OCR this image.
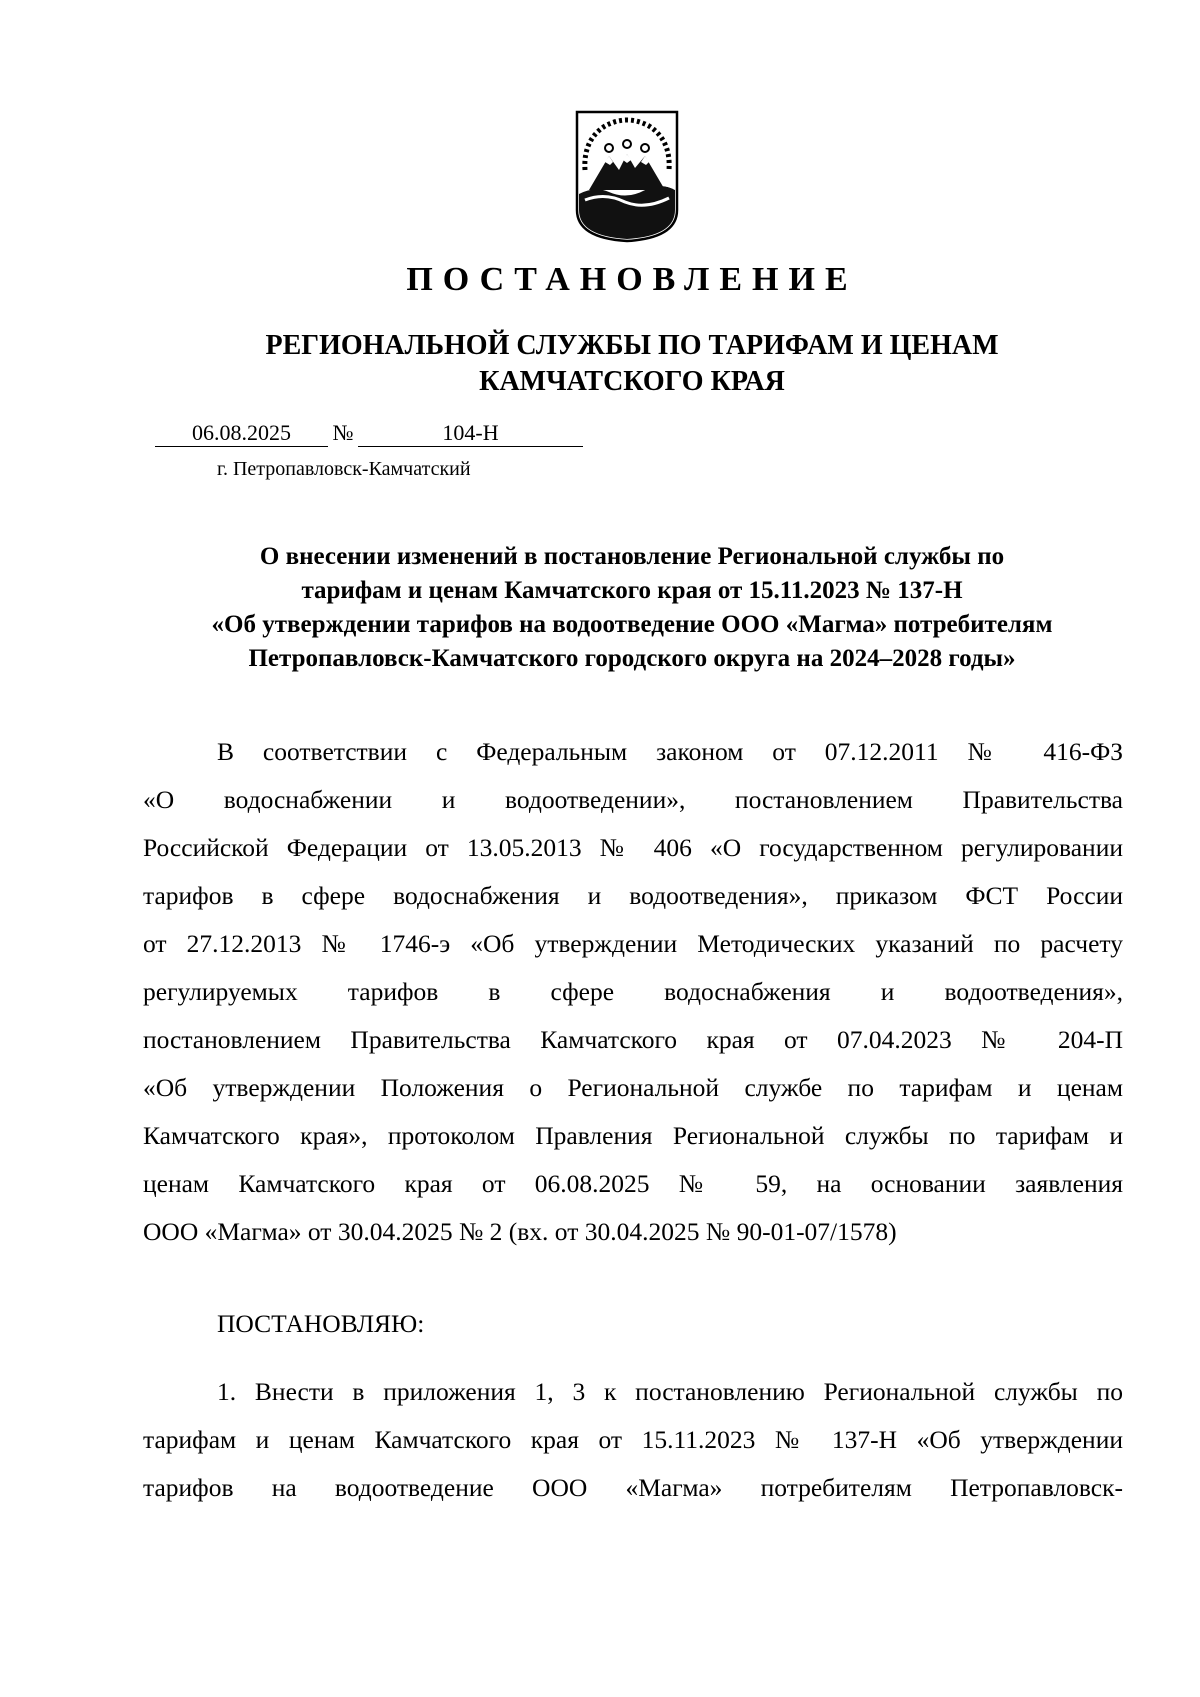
ПОСТАНОВЛЕНИЕ
РЕГИОНАЛЬНОЙ СЛУЖБЫ ПО ТАРИФАМ И ЦЕНАМ
КАМЧАТСКОГО КРАЯ
06.08.2025	№	104-Н
г. Петропавловск-Камчатский
О внесении изменений в постановление Региональной службы по
тарифам и ценам Камчатского края от 15.11.2023 № 137-Н
«Об утверждении тарифов на водоотведение ООО «Магма» потребителям
Петропавловск-Камчатского городского округа на 2024–2028 годы»
В соответствии с Федеральным законом от 07.12.2011 № 416-ФЗ
«О водоснабжении и водоотведении», постановлением Правительства
Российской Федерации от 13.05.2013 № 406 «О государственном регулировании
тарифов в сфере водоснабжения и водоотведения», приказом ФСТ России
от 27.12.2013 № 1746-э «Об утверждении Методических указаний по расчету
регулируемых тарифов в сфере водоснабжения и водоотведения»,
постановлением Правительства Камчатского края от 07.04.2023 № 204-П
«Об утверждении Положения о Региональной службе по тарифам и ценам
Камчатского края», протоколом Правления Региональной службы по тарифам и
ценам Камчатского края от 06.08.2025 № 59, на основании заявления
ООО «Магма» от 30.04.2025 № 2 (вх. от 30.04.2025 № 90-01-07/1578)
ПОСТАНОВЛЯЮ:
1. Внести в приложения 1, 3 к постановлению Региональной службы по
тарифам и ценам Камчатского края от 15.11.2023 № 137-Н «Об утверждении
тарифов на водоотведение ООО «Магма» потребителям Петропавловск-
